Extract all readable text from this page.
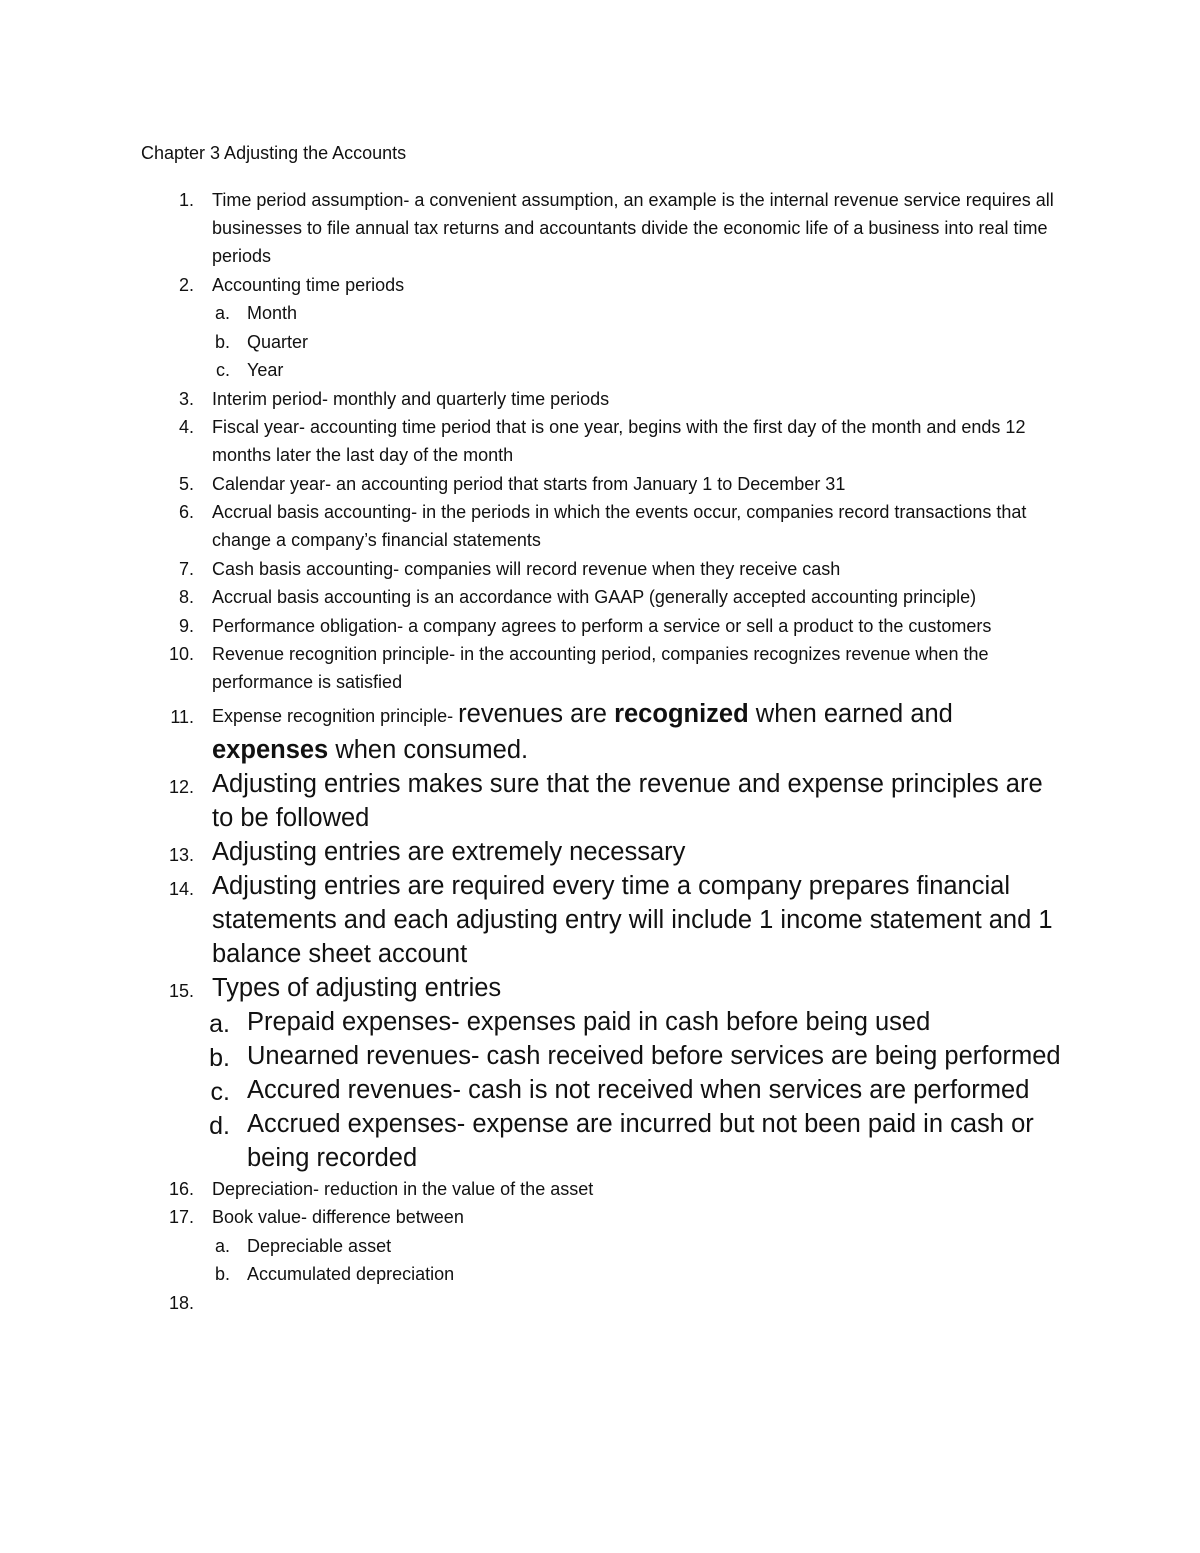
Chapter 3 Adjusting the Accounts
1. Time period assumption- a convenient assumption, an example is the internal revenue service requires all businesses to file annual tax returns and accountants divide the economic life of a business into real time periods
2. Accounting time periods
a. Month
b. Quarter
c. Year
3. Interim period- monthly and quarterly time periods
4. Fiscal year- accounting time period that is one year, begins with the first day of the month and ends 12 months later the last day of the month
5. Calendar year- an accounting period that starts from January 1 to December 31
6. Accrual basis accounting- in the periods in which the events occur, companies record transactions that change a company’s financial statements
7. Cash basis accounting- companies will record revenue when they receive cash
8. Accrual basis accounting is an accordance with GAAP (generally accepted accounting principle)
9. Performance obligation- a company agrees to perform a service or sell a product to the customers
10. Revenue recognition principle- in the accounting period, companies recognizes revenue when the performance is satisfied
11. Expense recognition principle- revenues are recognized when earned and expenses when consumed.
12. Adjusting entries makes sure that the revenue and expense principles are to be followed
13. Adjusting entries are extremely necessary
14. Adjusting entries are required every time a company prepares financial statements and each adjusting entry will include 1 income statement and 1 balance sheet account
15. Types of adjusting entries
a. Prepaid expenses- expenses paid in cash before being used
b. Unearned revenues- cash received before services are being performed
c. Accured revenues- cash is not received when services are performed
d. Accrued expenses- expense are incurred but not been paid in cash or being recorded
16. Depreciation- reduction in the value of the asset
17. Book value- difference between
a. Depreciable asset
b. Accumulated depreciation
18.
